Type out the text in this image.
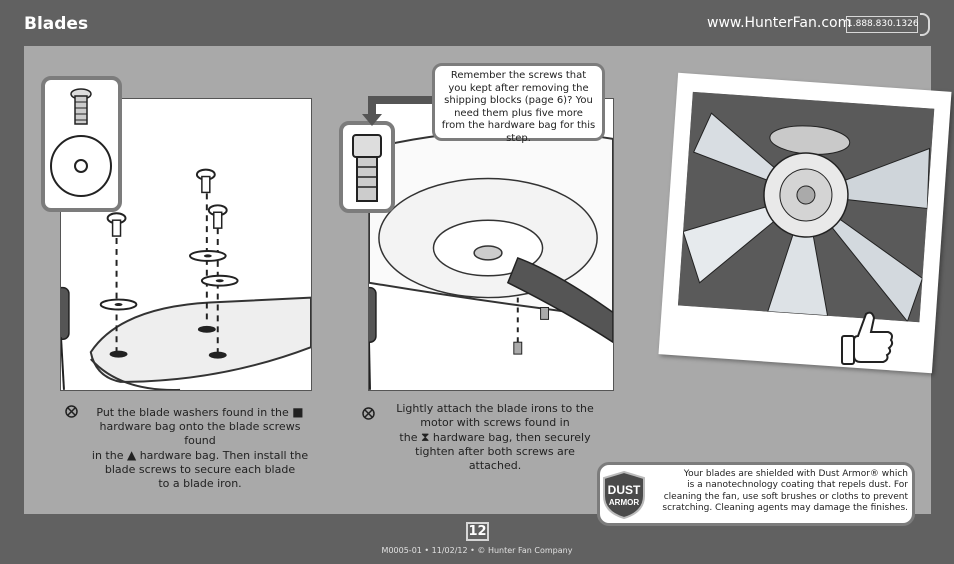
Blades	www.HunterFan.com
1.888.830.1326
Remember the screws that you kept after removing the shipping blocks (page 6)? You need them plus five more from the hardware bag for this step.
Put the blade washers found in the ■
hardware bag onto the blade screws found
in the ▲ hardware bag. Then install the
blade screws to secure each blade
to a blade iron.
Lightly attach the blade irons to the
motor with screws found in
the ⧗ hardware bag, then securely
tighten after both screws are attached.
DUST
ARMOR
Your blades are shielded with Dust Armor® which
is a nanotechnology coating that repels dust. For
cleaning the fan, use soft brushes or cloths to prevent
scratching. Cleaning agents may damage the finishes.
12
M0005-01 • 11/02/12 • © Hunter Fan Company
